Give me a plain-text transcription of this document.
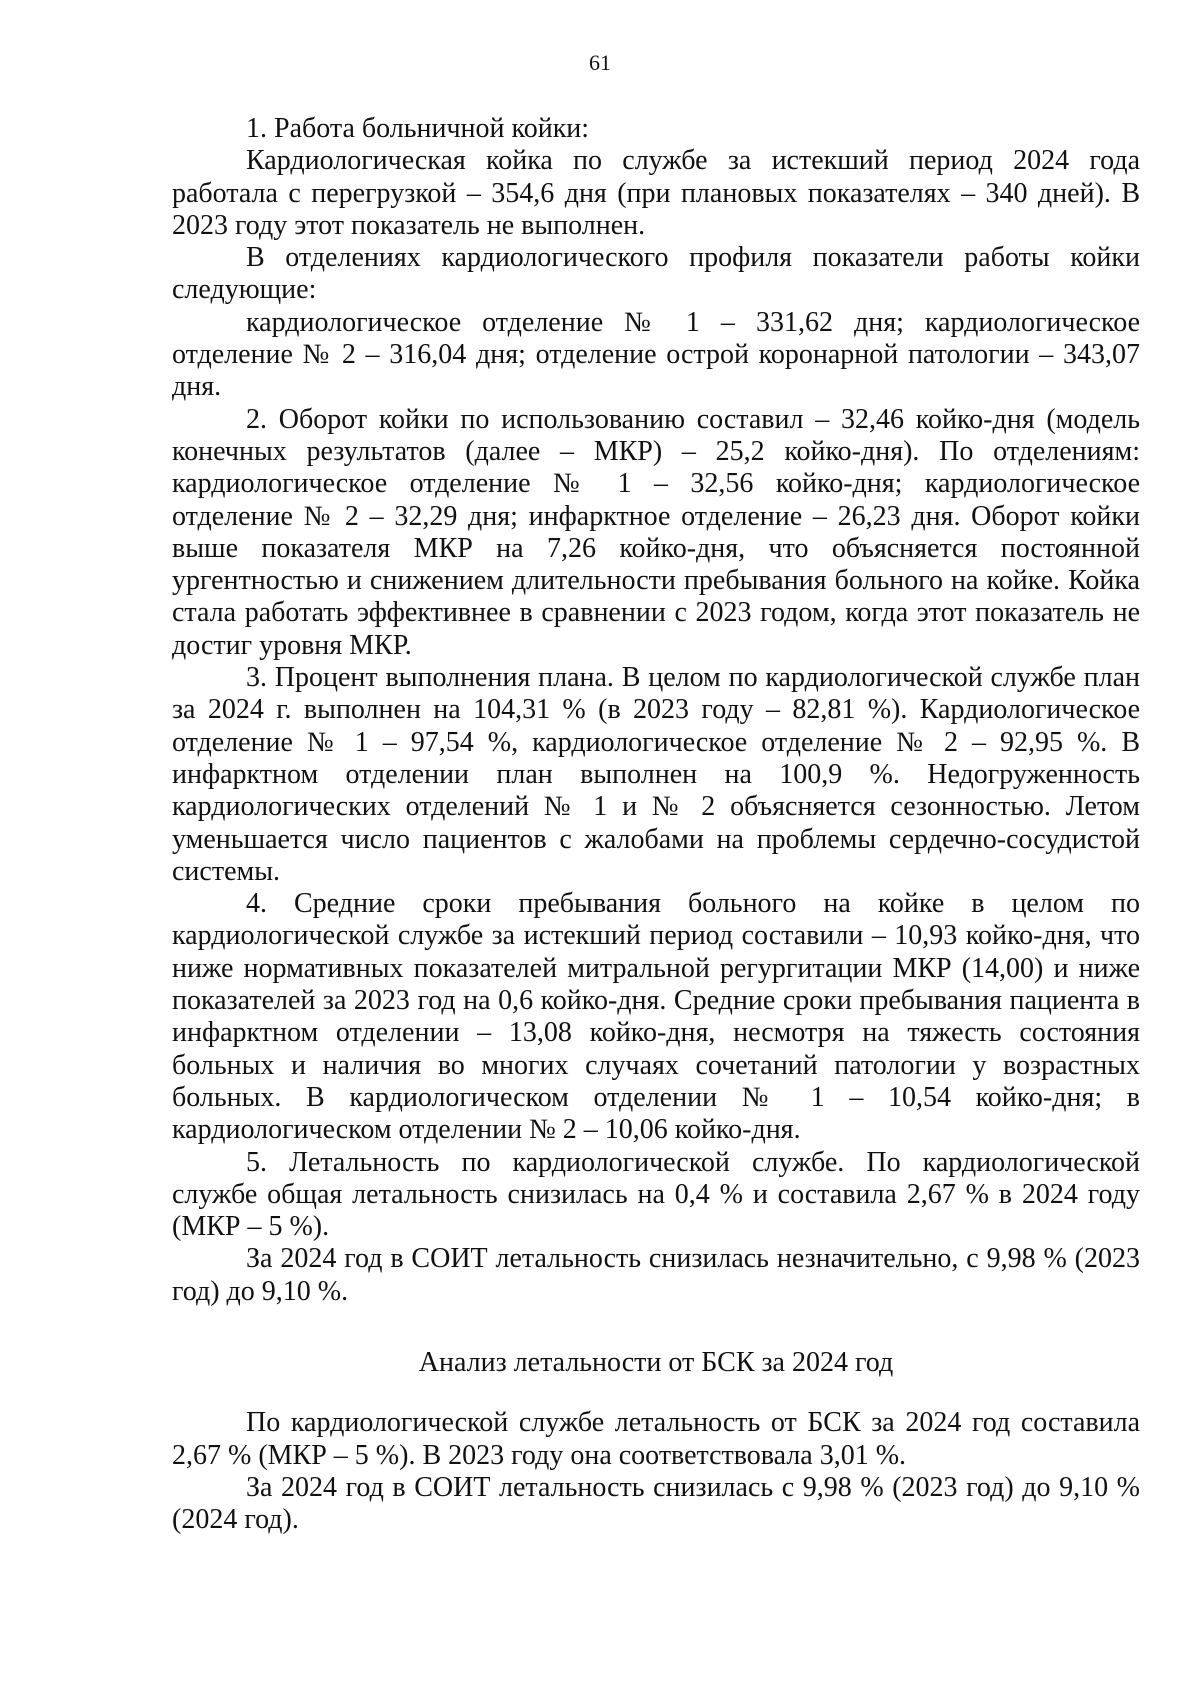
61

1. Работа больничной койки:

Кардиологическая койка по службе за истекший период 2024 года работала с перегрузкой – 354,6 дня (при плановых показателях – 340 дней). В 2023 году этот показатель не выполнен.

В отделениях кардиологического профиля показатели работы койки следующие:

кардиологическое отделение № 1 – 331,62 дня; кардиологическое отделение № 2 – 316,04 дня; отделение острой коронарной патологии – 343,07 дня.

2. Оборот койки по использованию составил – 32,46 койко-дня (модель конечных результатов (далее – МКР) – 25,2 койко-дня). По отделениям: кардиологическое отделение № 1 – 32,56 койко-дня; кардиологическое отделение № 2 – 32,29 дня; инфарктное отделение – 26,23 дня. Оборот койки выше показателя МКР на 7,26 койко-дня, что объясняется постоянной ургентностью и снижением длительности пребывания больного на койке. Койка стала работать эффективнее в сравнении с 2023 годом, когда этот показатель не достиг уровня МКР.

3. Процент выполнения плана. В целом по кардиологической службе план за 2024 г. выполнен на 104,31 % (в 2023 году – 82,81 %). Кардиологическое отделение № 1 – 97,54 %, кардиологическое отделение № 2 – 92,95 %. В инфарктном отделении план выполнен на 100,9 %. Недогруженность кардиологических отделений № 1 и № 2 объясняется сезонностью. Летом уменьшается число пациентов с жалобами на проблемы сердечно-сосудистой системы.

4. Средние сроки пребывания больного на койке в целом по кардиологической службе за истекший период составили – 10,93 койко-дня, что ниже нормативных показателей митральной регургитации МКР (14,00) и ниже показателей за 2023 год на 0,6 койко-дня. Средние сроки пребывания пациента в инфарктном отделении – 13,08 койко-дня, несмотря на тяжесть состояния больных и наличия во многих случаях сочетаний патологии у возрастных больных. В кардиологическом отделении № 1 – 10,54 койко-дня; в кардиологическом отделении № 2 – 10,06 койко-дня.

5. Летальность по кардиологической службе. По кардиологической службе общая летальность снизилась на 0,4 % и составила 2,67 % в 2024 году (МКР – 5 %).

За 2024 год в СОИТ летальность снизилась незначительно, с 9,98 % (2023 год) до 9,10 %.

Анализ летальности от БСК за 2024 год

По кардиологической службе летальность от БСК за 2024 год составила 2,67 % (МКР – 5 %). В 2023 году она соответствовала 3,01 %.

За 2024 год в СОИТ летальность снизилась с 9,98 % (2023 год) до 9,10 % (2024 год).
